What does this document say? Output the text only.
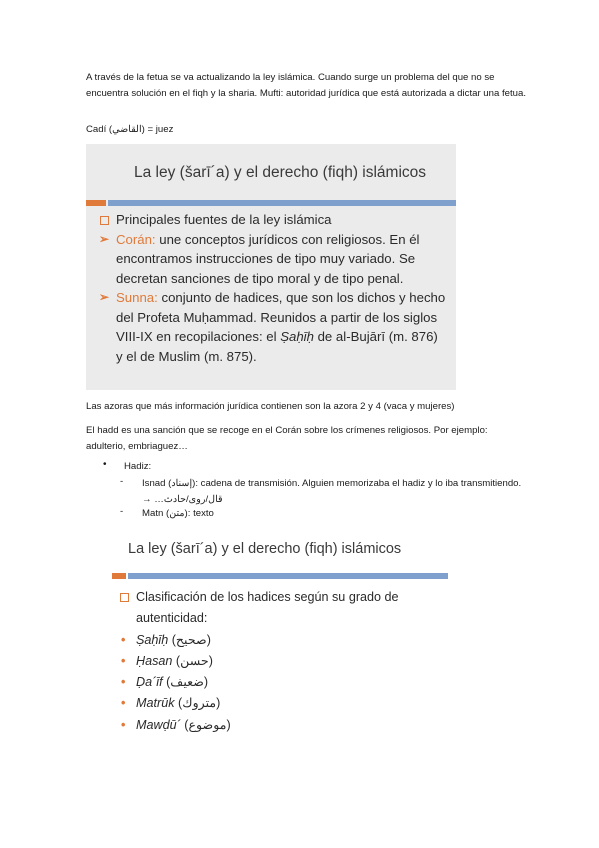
A través de la fetua se va actualizando la ley islámica. Cuando surge un problema del que no se encuentra solución en el fiqh y la sharia. Mufti: autoridad jurídica que está autorizada a dictar una fetua.

Cadí (القاضي) = juez

La ley (šarī´a) y el derecho (fiqh) islámicos
Principales fuentes de la ley islámica
➢ Corán: une conceptos jurídicos con religiosos. En él encontramos instrucciones de tipo muy variado. Se decretan sanciones de tipo moral y de tipo penal.
➢ Sunna: conjunto de hadices, que son los dichos y hecho del Profeta Muḥammad. Reunidos a partir de los siglos VIII-IX en recopilaciones: el Ṣaḥīḥ de al-Bujārī (m. 876) y el de Muslim (m. 875).

Las azoras que más información jurídica contienen son la azora 2 y 4 (vaca y mujeres)

El hadd es una sanción que se recoge en el Corán sobre los crímenes religiosos. Por ejemplo: adulterio, embriaguez…

• Hadiz:

- Isnad (إسناد): cadena de transmisión. Alguien memorizaba el hadiz y lo iba transmitiendo. → …قال/روى/حادث

- Matn (متن): texto

La ley (šarī´a) y el derecho (fiqh) islámicos
Clasificación de los hadices según su grado de autenticidad:
• Ṣaḥīḥ (صحيح)
• Ḥasan (حسن)
• Ḍa´īf (ضعيف)
• Matrūk (متروك)
• Mawḍū´ (موضوع)
